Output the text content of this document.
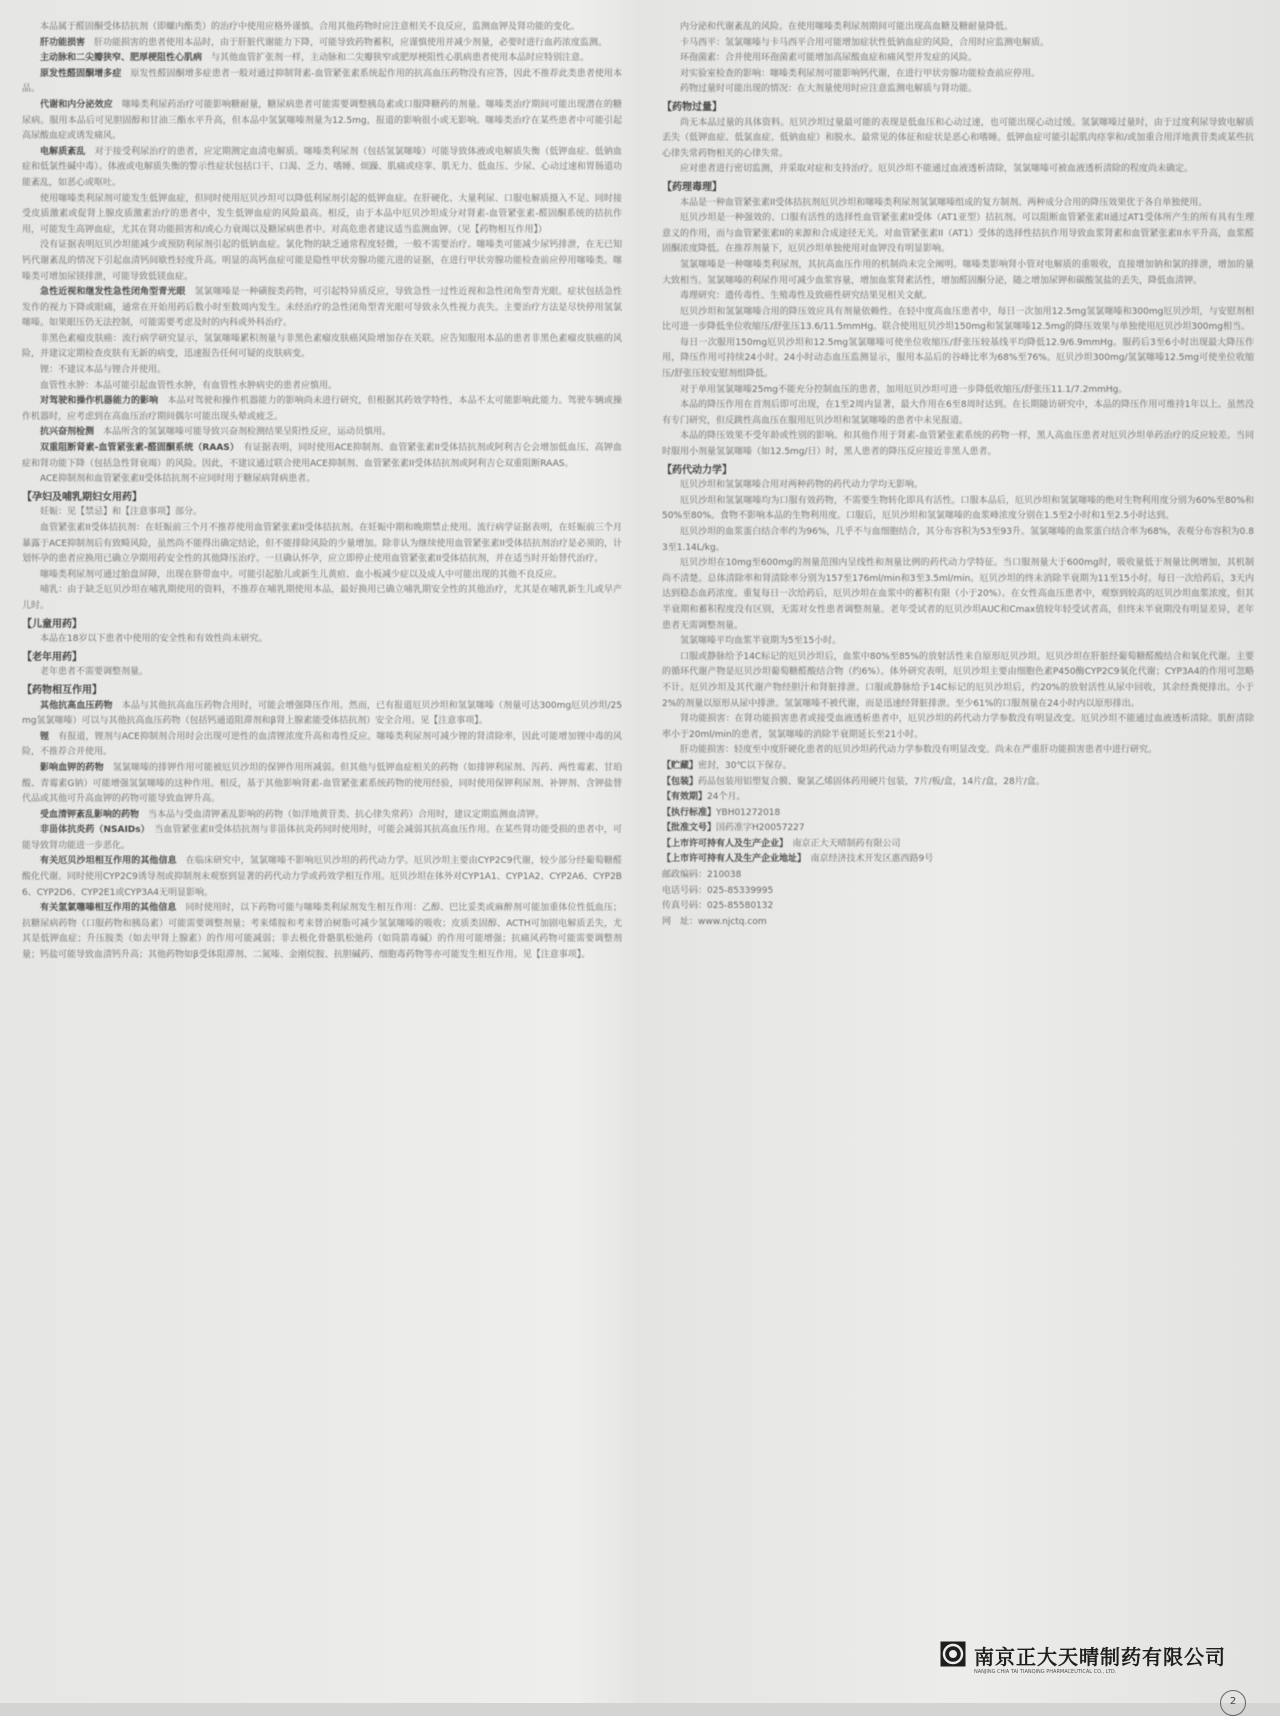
本品属于醛固酮受体拮抗剂（即螺内酯类）的治疗中使用应格外谨慎。合用其他药物时应注意相关不良反应，监测血钾及肾功能的变化。
肝功能损害　 肝功能损害的患者使用本品时，由于肝脏代谢能力下降，可能导致药物蓄积，应谨慎使用并减少剂量，必要时进行血药浓度监测。
主动脉和二尖瓣狭窄、肥厚梗阻性心肌病　 与其他血管扩张剂一样，主动脉和二尖瓣狭窄或肥厚梗阻性心肌病患者使用本品时应特别注意。
原发性醛固酮增多症　 原发性醛固酮增多症患者一般对通过抑制肾素-血管紧张素系统起作用的抗高血压药物没有应答，因此不推荐此类患者使用本品。
代谢和内分泌效应　 噻嗪类利尿药治疗可能影响糖耐量，糖尿病患者可能需要调整胰岛素或口服降糖药的剂量。噻嗪类治疗期间可能出现潜在的糖尿病。服用本品后可见胆固醇和甘油三酯水平升高，但本品中氢氯噻嗪剂量为12.5mg，报道的影响很小或无影响。噻嗪类治疗在某些患者中可能引起高尿酸血症或诱发痛风。
电解质紊乱　 对于接受利尿治疗的患者，应定期测定血清电解质。噻嗪类利尿剂（包括氢氯噻嗪）可能导致体液或电解质失衡（低钾血症、低钠血症和低氯性碱中毒）。体液或电解质失衡的警示性症状包括口干、口渴、乏力、嗜睡、烦躁、肌痛或痉挛、肌无力、低血压、少尿、心动过速和胃肠道功能紊乱，如恶心或呕吐。
使用噻嗪类利尿剂可能发生低钾血症，但同时使用厄贝沙坦可以降低利尿剂引起的低钾血症。在肝硬化、大量利尿、口服电解质摄入不足、同时接受皮质激素或促肾上腺皮质激素治疗的患者中，发生低钾血症的风险最高。相反，由于本品中厄贝沙坦成分对肾素-血管紧张素-醛固酮系统的拮抗作用，可能发生高钾血症，尤其在肾功能损害和/或心力衰竭以及糖尿病患者中。对高危患者建议适当监测血钾。（见【药物相互作用】）
没有证据表明厄贝沙坦能减少或预防利尿剂引起的低钠血症。氯化物的缺乏通常程度轻微，一般不需要治疗。噻嗪类可能减少尿钙排泄，在无已知钙代谢紊乱的情况下引起血清钙间歇性轻度升高。明显的高钙血症可能是隐性甲状旁腺功能亢进的证据，在进行甲状旁腺功能检查前应停用噻嗪类。噻嗪类可增加尿镁排泄，可能导致低镁血症。
急性近视和继发性急性闭角型青光眼　 氢氯噻嗪是一种磺胺类药物，可引起特异质反应，导致急性一过性近视和急性闭角型青光眼。症状包括急性发作的视力下降或眼痛，通常在开始用药后数小时至数周内发生。未经治疗的急性闭角型青光眼可导致永久性视力丧失。主要治疗方法是尽快停用氢氯噻嗪。如果眼压仍无法控制，可能需要考虑及时的内科或外科治疗。
非黑色素瘤皮肤癌：流行病学研究显示，氢氯噻嗪累积剂量与非黑色素瘤皮肤癌风险增加存在关联。应告知服用本品的患者非黑色素瘤皮肤癌的风险，并建议定期检查皮肤有无新的病变，迅速报告任何可疑的皮肤病变。
锂：不建议本品与锂合并使用。
血管性水肿：本品可能引起血管性水肿，有血管性水肿病史的患者应慎用。
对驾驶和操作机器能力的影响　 本品对驾驶和操作机器能力的影响尚未进行研究，但根据其药效学特性，本品不太可能影响此能力。驾驶车辆或操作机器时，应考虑到在高血压治疗期间偶尔可能出现头晕或疲乏。
抗兴奋剂检测　 本品所含的氢氯噻嗪可能导致兴奋剂检测结果呈阳性反应，运动员慎用。
双重阻断肾素-血管紧张素-醛固酮系统（RAAS）　 有证据表明，同时使用ACE抑制剂、血管紧张素II受体拮抗剂或阿利吉仑会增加低血压、高钾血症和肾功能下降（包括急性肾衰竭）的风险。因此，不建议通过联合使用ACE抑制剂、血管紧张素II受体拮抗剂或阿利吉仑双重阻断RAAS。
ACE抑制剂和血管紧张素II受体拮抗剂不应同时用于糖尿病肾病患者。
【孕妇及哺乳期妇女用药】
妊娠：见【禁忌】和【注意事项】部分。
血管紧张素II受体拮抗剂：在妊娠前三个月不推荐使用血管紧张素II受体拮抗剂。在妊娠中期和晚期禁止使用。流行病学证据表明，在妊娠前三个月暴露于ACE抑制剂后有致畸风险，虽然尚不能得出确定结论，但不能排除风险的少量增加。除非认为继续使用血管紧张素II受体拮抗剂治疗是必须的，计划怀孕的患者应换用已确立孕期用药安全性的其他降压治疗。一旦确认怀孕，应立即停止使用血管紧张素II受体拮抗剂，并在适当时开始替代治疗。
噻嗪类利尿剂可通过胎盘屏障，出现在脐带血中。可能引起胎儿或新生儿黄疸、血小板减少症以及成人中可能出现的其他不良反应。
哺乳：由于缺乏厄贝沙坦在哺乳期使用的资料，不推荐在哺乳期使用本品，最好换用已确立哺乳期安全性的其他治疗，尤其是在哺乳新生儿或早产儿时。
【儿童用药】
本品在18岁以下患者中使用的安全性和有效性尚未研究。
【老年用药】
老年患者不需要调整剂量。
【药物相互作用】
其他抗高血压药物　 本品与其他抗高血压药物合用时，可能会增强降压作用。然而，已有报道厄贝沙坦和氢氯噻嗪（剂量可达300mg厄贝沙坦/25mg氢氯噻嗪）可以与其他抗高血压药物（包括钙通道阻滞剂和β肾上腺素能受体拮抗剂）安全合用。见【注意事项】。
锂　 有报道，锂剂与ACE抑制剂合用时会出现可逆性的血清锂浓度升高和毒性反应。噻嗪类利尿剂可减少锂的肾清除率，因此可能增加锂中毒的风险，不推荐合并使用。
影响血钾的药物　 氢氯噻嗪的排钾作用可能被厄贝沙坦的保钾作用所减弱。但其他与低钾血症相关的药物（如排钾利尿剂、泻药、两性霉素、甘珀酸、青霉素G钠）可能增强氢氯噻嗪的这种作用。相反，基于其他影响肾素-血管紧张素系统药物的使用经验，同时使用保钾利尿剂、补钾剂、含钾盐替代品或其他可升高血钾的药物可能导致血钾升高。
受血清钾紊乱影响的药物　 当本品与受血清钾紊乱影响的药物（如洋地黄苷类、抗心律失常药）合用时，建议定期监测血清钾。
非甾体抗炎药（NSAIDs）　 当血管紧张素II受体拮抗剂与非甾体抗炎药同时使用时，可能会减弱其抗高血压作用。在某些肾功能受损的患者中，可能导致肾功能进一步恶化。
有关厄贝沙坦相互作用的其他信息　 在临床研究中，氢氯噻嗪不影响厄贝沙坦的药代动力学。厄贝沙坦主要由CYP2C9代谢，较少部分经葡萄糖醛酸化代谢。同时使用CYP2C9诱导剂或抑制剂未观察到显著的药代动力学或药效学相互作用。厄贝沙坦在体外对CYP1A1、CYP1A2、CYP2A6、CYP2B6、CYP2D6、CYP2E1或CYP3A4无明显影响。
有关氢氯噻嗪相互作用的其他信息　 同时使用时，以下药物可能与噻嗪类利尿剂发生相互作用：乙醇、巴比妥类或麻醉剂可能加重体位性低血压；抗糖尿病药物（口服药物和胰岛素）可能需要调整剂量；考来烯胺和考来替泊树脂可减少氢氯噻嗪的吸收；皮质类固醇、ACTH可加剧电解质丢失，尤其是低钾血症；升压胺类（如去甲肾上腺素）的作用可能减弱；非去极化骨骼肌松弛药（如筒箭毒碱）的作用可能增强；抗痛风药物可能需要调整剂量；钙盐可能导致血清钙升高；其他药物如β受体阻滞剂、二氮嗪、金刚烷胺、抗胆碱药、细胞毒药物等亦可能发生相互作用。见【注意事项】。
内分泌和代谢紊乱的风险。在使用噻嗪类利尿剂期间可能出现高血糖及糖耐量降低。
卡马西平：氢氯噻嗪与卡马西平合用可能增加症状性低钠血症的风险，合用时应监测电解质。
环孢菌素：合并使用环孢菌素可能增加高尿酸血症和痛风型并发症的风险。
对实验室检查的影响：噻嗪类利尿剂可能影响钙代谢，在进行甲状旁腺功能检查前应停用。
药物过量时可能出现的情况：在大剂量使用时应注意监测电解质与肾功能。
【药物过量】
尚无本品过量的具体资料。厄贝沙坦过量最可能的表现是低血压和心动过速，也可能出现心动过缓。氢氯噻嗪过量时，由于过度利尿导致电解质丢失（低钾血症、低氯血症、低钠血症）和脱水。最常见的体征和症状是恶心和嗜睡。低钾血症可能引起肌肉痉挛和/或加重合用洋地黄苷类或某些抗心律失常药物相关的心律失常。
应对患者进行密切监测，并采取对症和支持治疗。厄贝沙坦不能通过血液透析清除，氢氯噻嗪可被血液透析清除的程度尚未确定。
【药理毒理】
本品是一种血管紧张素II受体拮抗剂厄贝沙坦和噻嗪类利尿剂氢氯噻嗪组成的复方制剂。两种成分合用的降压效果优于各自单独使用。
厄贝沙坦是一种强效的、口服有活性的选择性血管紧张素II受体（AT1亚型）拮抗剂。可以阻断血管紧张素II通过AT1受体所产生的所有具有生理意义的作用，而与血管紧张素II的来源和合成途径无关。对血管紧张素II（AT1）受体的选择性拮抗作用导致血浆肾素和血管紧张素II水平升高，血浆醛固酮浓度降低。在推荐剂量下，厄贝沙坦单独使用对血钾没有明显影响。
氢氯噻嗪是一种噻嗪类利尿剂，其抗高血压作用的机制尚未完全阐明。噻嗪类影响肾小管对电解质的重吸收，直接增加钠和氯的排泄，增加的量大致相当。氢氯噻嗪的利尿作用可减少血浆容量，增加血浆肾素活性，增加醛固酮分泌，随之增加尿钾和碳酸氢盐的丢失，降低血清钾。
毒理研究：遗传毒性、生殖毒性及致癌性研究结果见相关文献。
厄贝沙坦和氢氯噻嗪合用的降压效应具有剂量依赖性。在轻中度高血压患者中，每日一次加用12.5mg氢氯噻嗪和300mg厄贝沙坦，与安慰剂相比可进一步降低坐位收缩压/舒张压13.6/11.5mmHg。联合使用厄贝沙坦150mg和氢氯噻嗪12.5mg的降压效果与单独使用厄贝沙坦300mg相当。
每日一次服用150mg厄贝沙坦和12.5mg氢氯噻嗪可使坐位收缩压/舒张压较基线平均降低12.9/6.9mmHg。服药后3至6小时出现最大降压作用，降压作用可持续24小时。24小时动态血压监测显示，服用本品后的谷峰比率为68%至76%。厄贝沙坦300mg/氢氯噻嗪12.5mg可使坐位收缩压/舒张压较安慰剂组降低。
对于单用氢氯噻嗪25mg不能充分控制血压的患者，加用厄贝沙坦可进一步降低收缩压/舒张压11.1/7.2mmHg。
本品的降压作用在首剂后即可出现，在1至2周内显著，最大作用在6至8周时达到。在长期随访研究中，本品的降压作用可维持1年以上。虽然没有专门研究，但反跳性高血压在服用厄贝沙坦和氢氯噻嗪的患者中未见报道。
本品的降压效果不受年龄或性别的影响。和其他作用于肾素-血管紧张素系统的药物一样，黑人高血压患者对厄贝沙坦单药治疗的反应较差。当同时服用小剂量氢氯噻嗪（如12.5mg/日）时，黑人患者的降压反应接近非黑人患者。
【药代动力学】
厄贝沙坦和氢氯噻嗪合用对两种药物的药代动力学均无影响。
厄贝沙坦和氢氯噻嗪均为口服有效药物，不需要生物转化即具有活性。口服本品后，厄贝沙坦和氢氯噻嗪的绝对生物利用度分别为60%至80%和50%至80%。食物不影响本品的生物利用度。口服后，厄贝沙坦和氢氯噻嗪的血浆峰浓度分别在1.5至2小时和1至2.5小时达到。
厄贝沙坦的血浆蛋白结合率约为96%，几乎不与血细胞结合，其分布容积为53至93升。氢氯噻嗪的血浆蛋白结合率为68%，表观分布容积为0.83至1.14L/kg。
厄贝沙坦在10mg至600mg的剂量范围内呈线性和剂量比例的药代动力学特征。当口服剂量大于600mg时，吸收量低于剂量比例增加，其机制尚不清楚。总体清除率和肾清除率分别为157至176ml/min和3至3.5ml/min。厄贝沙坦的终末消除半衰期为11至15小时。每日一次给药后，3天内达到稳态血药浓度。重复每日一次给药后，厄贝沙坦在血浆中的蓄积有限（小于20%）。在女性高血压患者中，观察到较高的厄贝沙坦血浆浓度，但其半衰期和蓄积程度没有区别，无需对女性患者调整剂量。老年受试者的厄贝沙坦AUC和Cmax值较年轻受试者高，但终末半衰期没有明显差异，老年患者无需调整剂量。
氢氯噻嗪平均血浆半衰期为5至15小时。
口服或静脉给予14C标记的厄贝沙坦后，血浆中80%至85%的放射活性来自原形厄贝沙坦。厄贝沙坦在肝脏经葡萄糖醛酸结合和氧化代谢。主要的循环代谢产物是厄贝沙坦葡萄糖醛酸结合物（约6%）。体外研究表明，厄贝沙坦主要由细胞色素P450酶CYP2C9氧化代谢；CYP3A4的作用可忽略不计。厄贝沙坦及其代谢产物经胆汁和肾脏排泄。口服或静脉给予14C标记的厄贝沙坦后，约20%的放射活性从尿中回收，其余经粪便排出。小于2%的剂量以原形从尿中排泄。氢氯噻嗪不被代谢，而是迅速经肾脏排泄。至少61%的口服剂量在24小时内以原形排出。
肾功能损害：在肾功能损害患者或接受血液透析患者中，厄贝沙坦的药代动力学参数没有明显改变。厄贝沙坦不能通过血液透析清除。肌酐清除率小于20ml/min的患者，氢氯噻嗪的消除半衰期延长至21小时。
肝功能损害：轻度至中度肝硬化患者的厄贝沙坦药代动力学参数没有明显改变。尚未在严重肝功能损害患者中进行研究。
【贮藏】密封，30℃以下保存。
【包装】药品包装用铝塑复合膜、聚氯乙烯固体药用硬片包装，7片/板/盒，14片/盒，28片/盒。
【有效期】24个月。
【执行标准】YBH01272018
【批准文号】国药准字H20057227
【上市许可持有人及生产企业】　 南京正大天晴制药有限公司
【上市许可持有人及生产企业地址】　 南京经济技术开发区惠西路9号
邮政编码：210038
电话号码：025-85339995
传真号码：025-85580132
网　址：www.njctq.com
南京正大天晴制药有限公司
NANJING CHIA TAI TIANQING PHARMACEUTICAL CO., LTD.
2
